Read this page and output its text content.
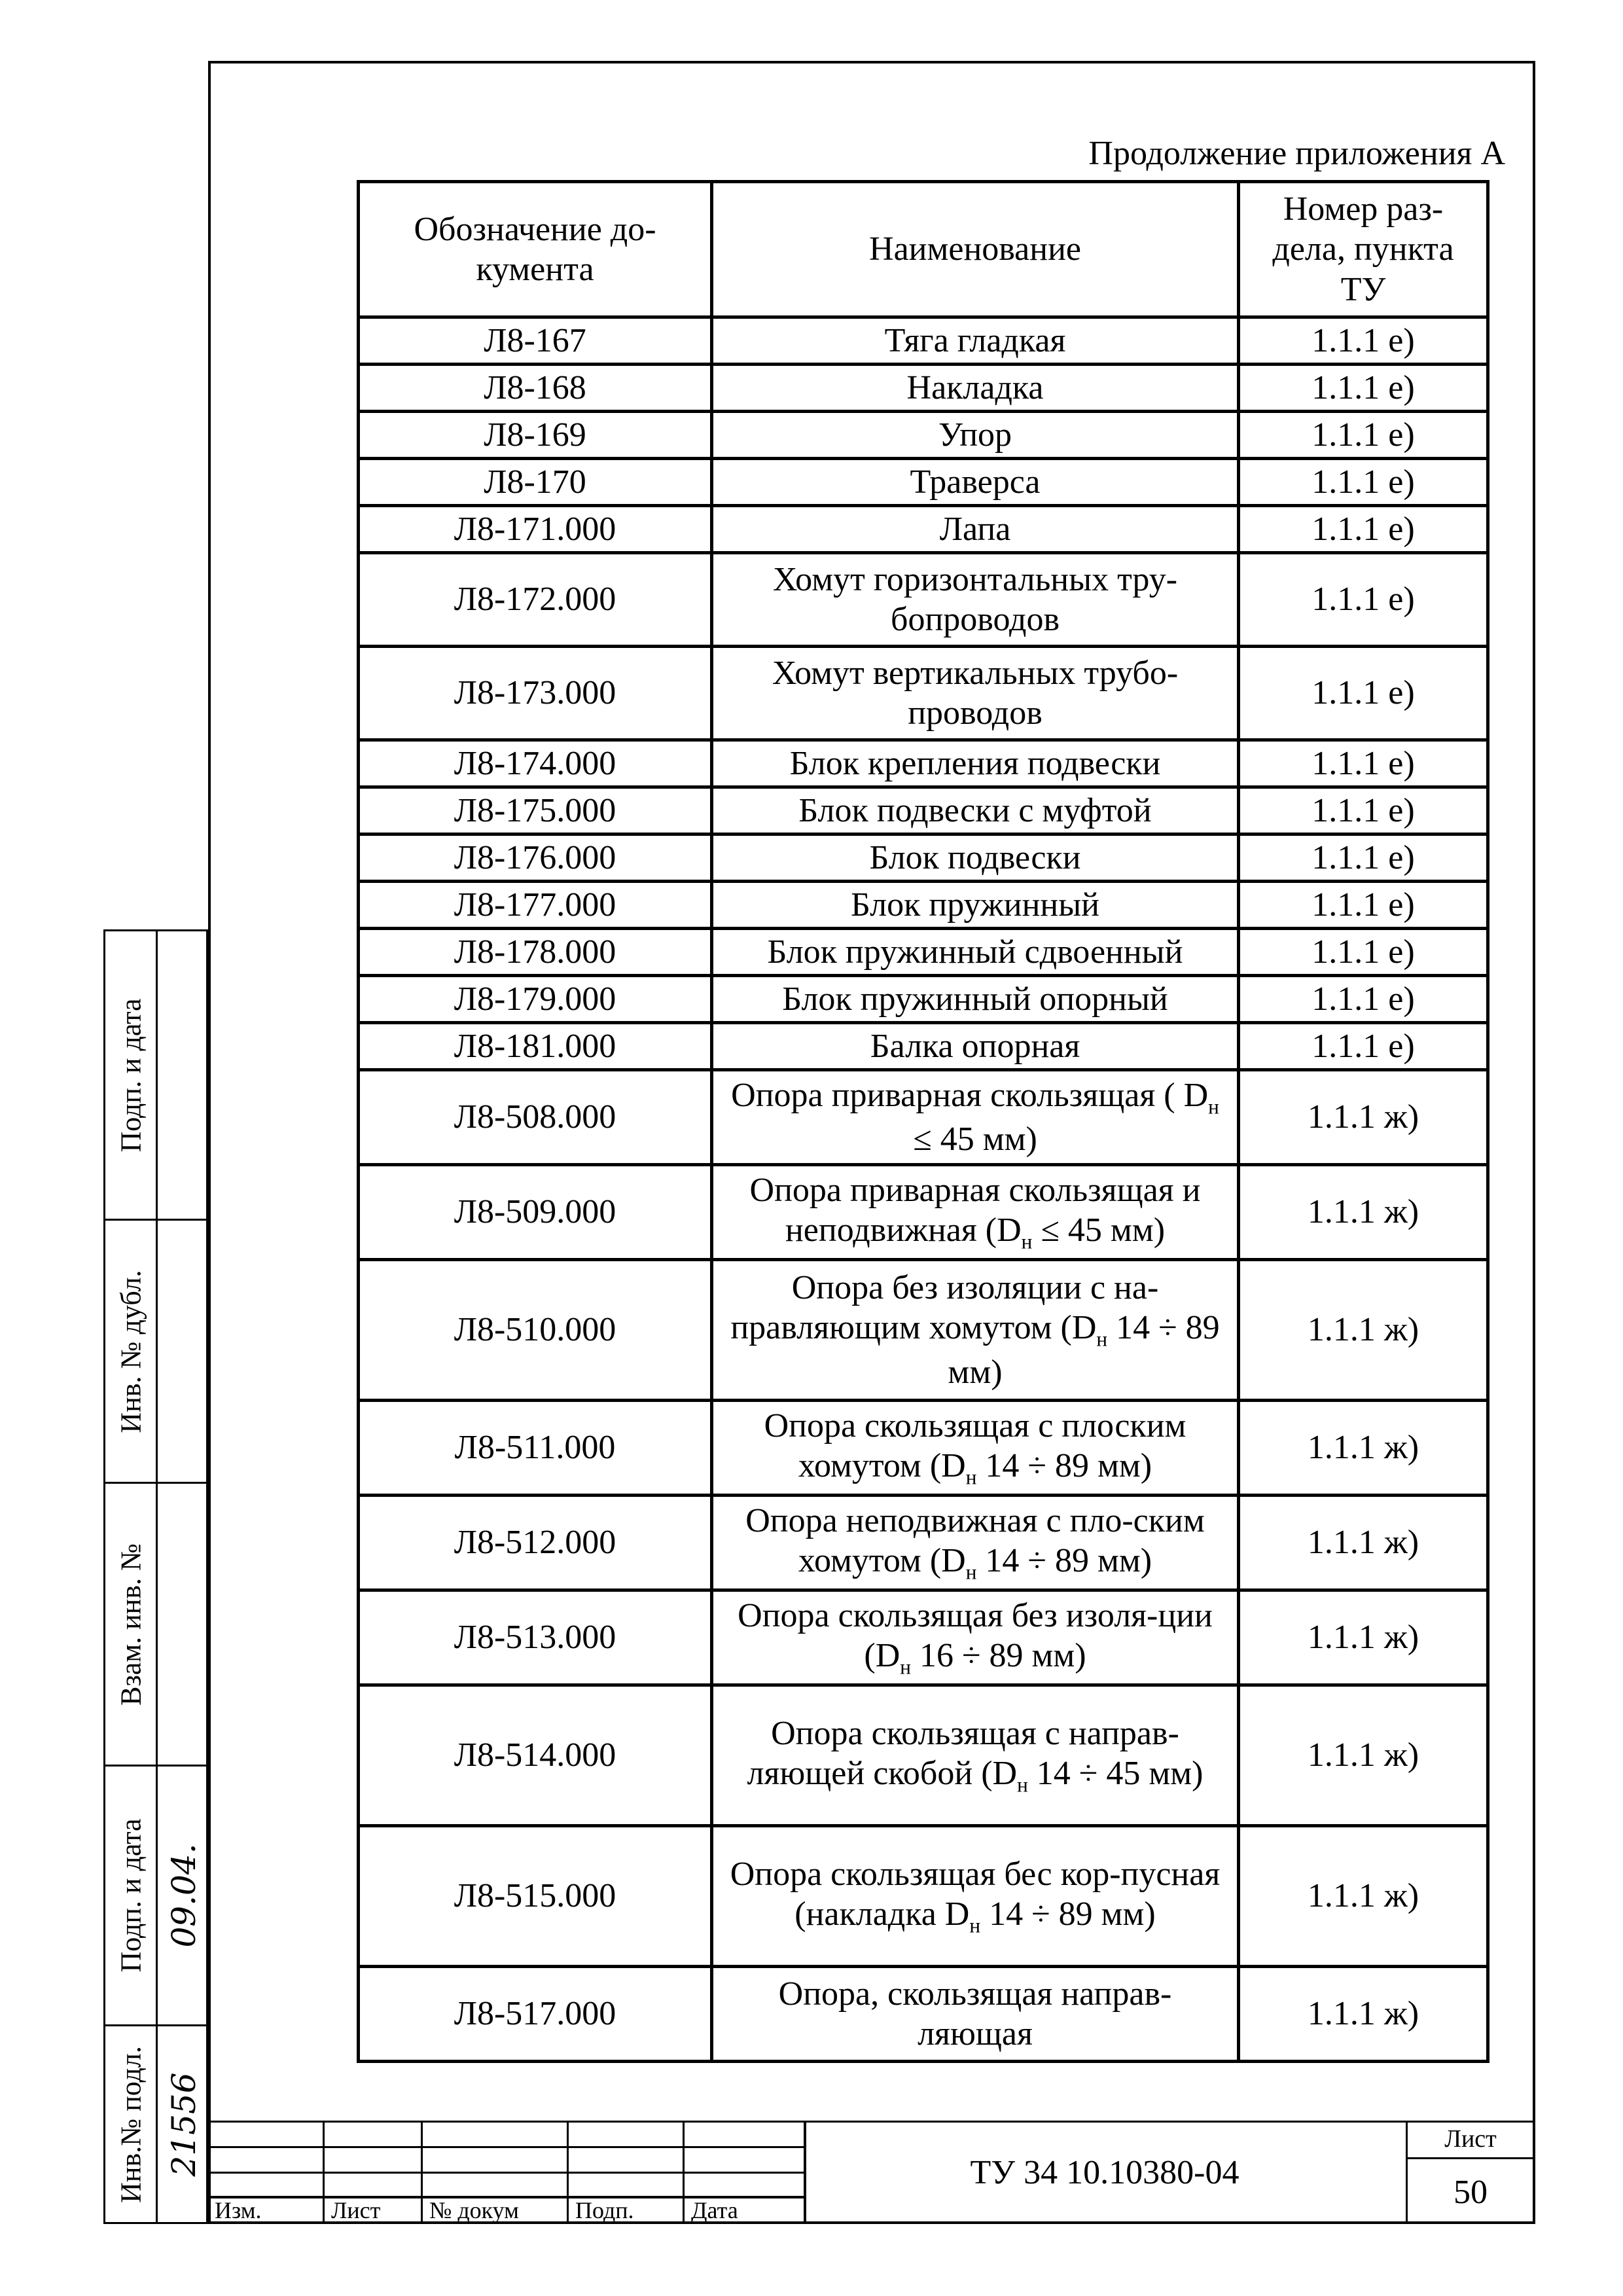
Продолжение приложения А
Обозначение до-кумента	Наименование	Номер раз-дела, пункта ТУ
Л8-167	Тяга гладкая	1.1.1 е)
Л8-168	Накладка	1.1.1 е)
Л8-169	Упор	1.1.1 е)
Л8-170	Траверса	1.1.1 е)
Л8-171.000	Лапа	1.1.1 е)
Л8-172.000	Хомут горизонтальных тру-бопроводов	1.1.1 е)
Л8-173.000	Хомут вертикальных трубо-проводов	1.1.1 е)
Л8-174.000	Блок крепления подвески	1.1.1 е)
Л8-175.000	Блок подвески с муфтой	1.1.1 е)
Л8-176.000	Блок подвески	1.1.1 е)
Л8-177.000	Блок пружинный	1.1.1 е)
Л8-178.000	Блок пружинный сдвоенный	1.1.1 е)
Л8-179.000	Блок пружинный опорный	1.1.1 е)
Л8-181.000	Балка опорная	1.1.1 е)
Л8-508.000	Опора приварная скользящая ( $D_н \le 45$ мм)	1.1.1 ж)
Л8-509.000	Опора приварная скользящая и неподвижная ($D_н \le 45$ мм)	1.1.1 ж)
Л8-510.000	Опора без изоляции с на-правляющим хомутом ($D_н$ 14 ÷ 89 мм)	1.1.1 ж)
Л8-511.000	Опора скользящая с плоским хомутом ($D_н$ 14 ÷ 89 мм)	1.1.1 ж)
Л8-512.000	Опора неподвижная с пло-ским хомутом ($D_н$ 14 ÷ 89 мм)	1.1.1 ж)
Л8-513.000	Опора скользящая без изоля-ции ($D_н$ 16 ÷ 89 мм)	1.1.1 ж)
Л8-514.000	Опора скользящая с направ-ляющей скобой ($D_н$ 14 ÷ 45 мм)	1.1.1 ж)
Л8-515.000	Опора скользящая бес кор-пусная (накладка $D_н$ 14 ÷ 89 мм)	1.1.1 ж)
Л8-517.000	Опора, скользящая направ-ляющая	1.1.1 ж)
Подп. и дата
Инв. № дубл.
Взам. инв. №
Подп. и дата 09.04.
Инв.№ подл. 21556
Изм.	Лист	№ докум	Подп.	Дата
ТУ 34 10.10380-04
Лист
50
